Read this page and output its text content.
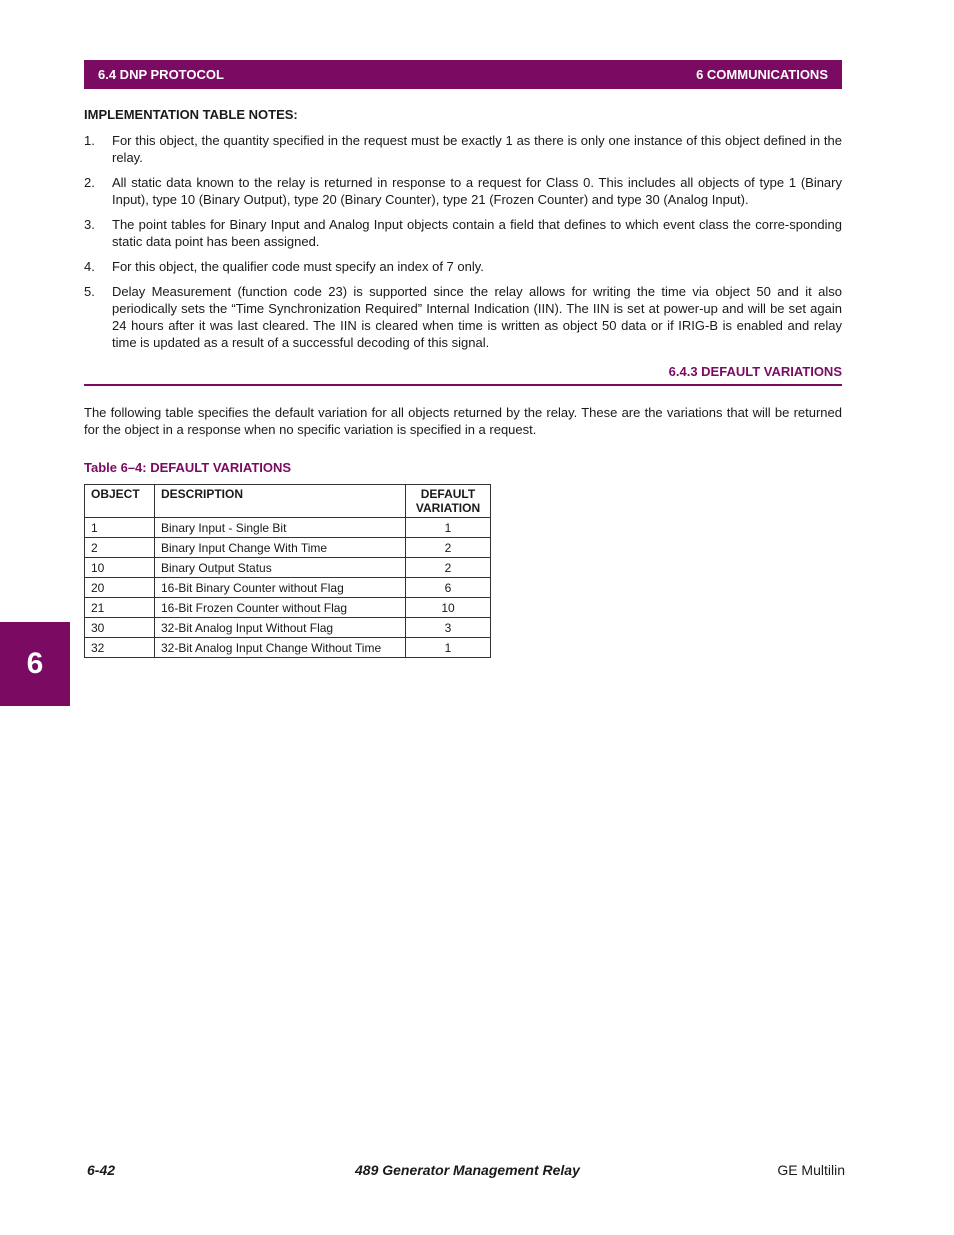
6.4 DNP PROTOCOL	6 COMMUNICATIONS
6
IMPLEMENTATION TABLE NOTES:
1. For this object, the quantity specified in the request must be exactly 1 as there is only one instance of this object defined in the relay.
2. All static data known to the relay is returned in response to a request for Class 0. This includes all objects of type 1 (Binary Input), type 10 (Binary Output), type 20 (Binary Counter), type 21 (Frozen Counter) and type 30 (Analog Input).
3. The point tables for Binary Input and Analog Input objects contain a field that defines to which event class the corre-sponding static data point has been assigned.
4. For this object, the qualifier code must specify an index of 7 only.
5. Delay Measurement (function code 23) is supported since the relay allows for writing the time via object 50 and it also periodically sets the “Time Synchronization Required” Internal Indication (IIN). The IIN is set at power-up and will be set again 24 hours after it was last cleared. The IIN is cleared when time is written as object 50 data or if IRIG-B is enabled and relay time is updated as a result of a successful decoding of this signal.
6.4.3 DEFAULT VARIATIONS
The following table specifies the default variation for all objects returned by the relay. These are the variations that will be returned for the object in a response when no specific variation is specified in a request.
Table 6–4: DEFAULT VARIATIONS
OBJECT	DESCRIPTION	DEFAULT VARIATION
1	Binary Input - Single Bit	1
2	Binary Input Change With Time	2
10	Binary Output Status	2
20	16-Bit Binary Counter without Flag	6
21	16-Bit Frozen Counter without Flag	10
30	32-Bit Analog Input Without Flag	3
32	32-Bit Analog Input Change Without Time	1
6-42	489 Generator Management Relay	GE Multilin
